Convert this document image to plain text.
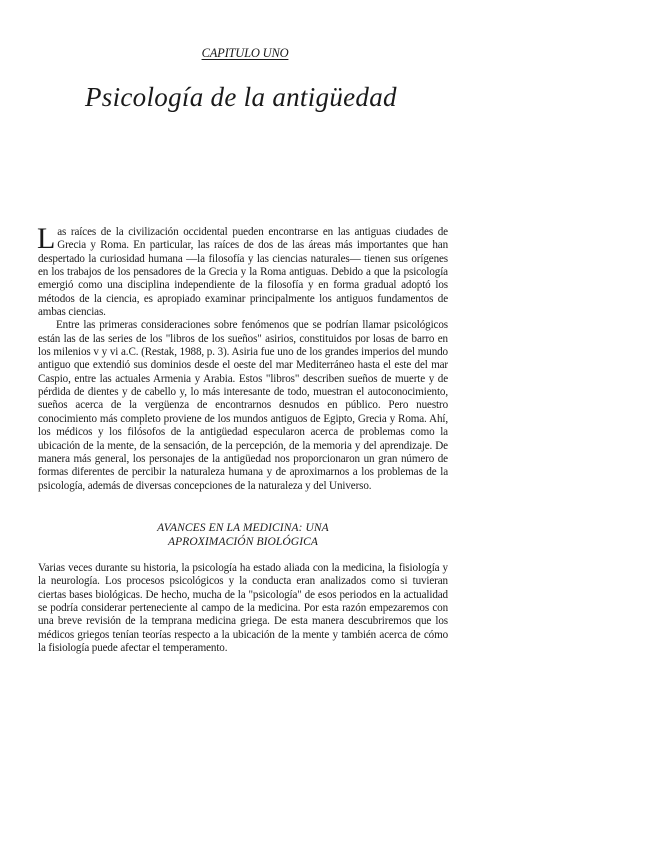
CAPITULO UNO
Psicología de la antigüedad

Las raíces de la civilización occidental pueden encontrarse en las antiguas ciudades de Grecia y Roma. En particular, las raíces de dos de las áreas más importantes que han despertado la curiosidad humana —la filosofía y las ciencias naturales— tienen sus orígenes en los trabajos de los pensadores de la Grecia y la Roma antiguas. Debido a que la psicología emergió como una disciplina independiente de la filosofía y en forma gradual adoptó los métodos de la ciencia, es apropiado examinar principalmente los antiguos fundamentos de ambas ciencias.

Entre las primeras consideraciones sobre fenómenos que se podrían llamar psicológicos están las de las series de los "libros de los sueños" asirios, constituidos por losas de barro en los milenios v y vi a.C. (Restak, 1988, p. 3). Asiria fue uno de los grandes imperios del mundo antiguo que extendió sus dominios desde el oeste del mar Mediterráneo hasta el este del mar Caspio, entre las actuales Armenia y Arabia. Estos "libros" describen sueños de muerte y de pérdida de dientes y de cabello y, lo más interesante de todo, muestran el autoconocimiento, sueños acerca de la vergüenza de encontrarnos desnudos en público. Pero nuestro conocimiento más completo proviene de los mundos antiguos de Egipto, Grecia y Roma. Ahí, los médicos y los filósofos de la antigüedad especularon acerca de problemas como la ubicación de la mente, de la sensación, de la percepción, de la memoria y del aprendizaje. De manera más general, los personajes de la antigüedad nos proporcionaron un gran número de formas diferentes de percibir la naturaleza humana y de aproximarnos a los problemas de la psicología, además de diversas concepciones de la naturaleza y del Universo.

AVANCES EN LA MEDICINA: UNA
APROXIMACIÓN BIOLÓGICA

Varias veces durante su historia, la psicología ha estado aliada con la medicina, la fisiología y la neurología. Los procesos psicológicos y la conducta eran analizados como si tuvieran ciertas bases biológicas. De hecho, mucha de la "psicología" de esos periodos en la actualidad se podría considerar perteneciente al campo de la medicina. Por esta razón empezaremos con una breve revisión de la temprana medicina griega. De esta manera descubriremos que los médicos griegos tenían teorías respecto a la ubicación de la mente y también acerca de cómo la fisiología puede afectar el temperamento.
